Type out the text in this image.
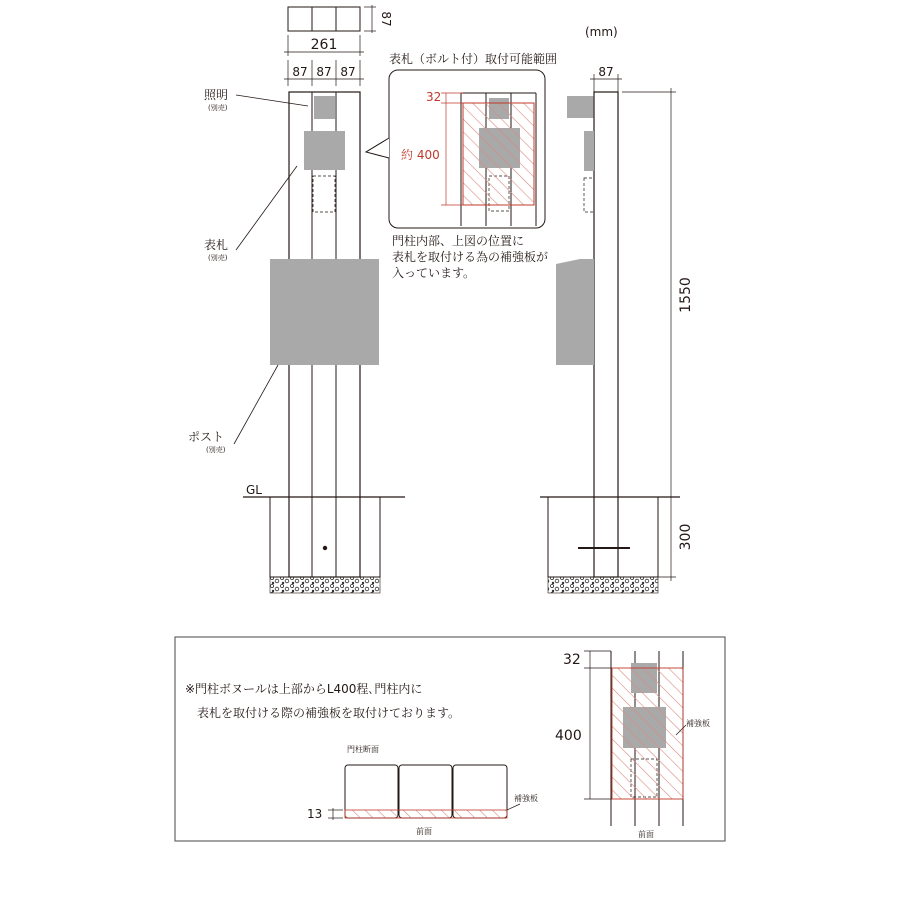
87
261
87 87 87
照明
(別売)
表札
(別売)
ポスト
(別売)
GL
表札（ボルト付）取付可能範囲
32
約 400
門柱内部、上図の位置に
表札を取付ける為の補強板が
入っています。
(mm)
87
1550
300
※門柱ボヌールは上部からL400程､門柱内に
表札を取付ける際の補強板を取付けております。
門柱断面
13
補強板
前面
32
400
補強板
前面
